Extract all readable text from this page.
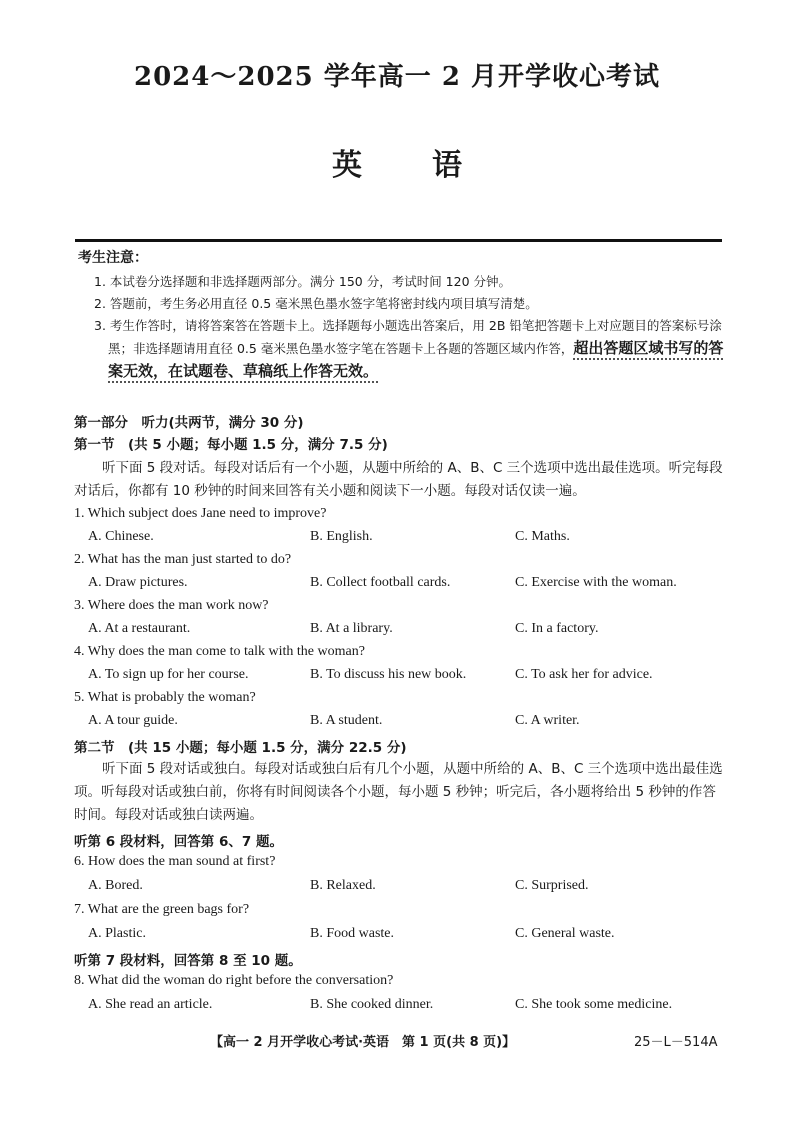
2024～2025 学年高一 2 月开学收心考试
英语

考生注意：

1. 本试卷分选择题和非选择题两部分。满分 150 分，考试时间 120 分钟。

2. 答题前，考生务必用直径 0.5 毫米黑色墨水签字笔将密封线内项目填写清楚。

3. 考生作答时，请将答案答在答题卡上。选择题每小题选出答案后，用 2B 铅笔把答题卡上对应题目的答案标号涂黑；非选择题请用直径 0.5 毫米黑色墨水签字笔在答题卡上各题的答题区域内作答，超出答题区域书写的答案无效，在试题卷、草稿纸上作答无效。

第一部分　听力(共两节，满分 30 分)
第一节　(共 5 小题；每小题 1.5 分，满分 7.5 分)

听下面 5 段对话。每段对话后有一个小题，从题中所给的 A、B、C 三个选项中选出最佳选项。听完每段对话后，你都有 10 秒钟的时间来回答有关小题和阅读下一小题。每段对话仅读一遍。

1. Which subject does Jane need to improve?
A. Chinese.	B. English.	C. Maths.
2. What has the man just started to do?
A. Draw pictures.	B. Collect football cards.	C. Exercise with the woman.
3. Where does the man work now?
A. At a restaurant.	B. At a library.	C. In a factory.
4. Why does the man come to talk with the woman?
A. To sign up for her course.	B. To discuss his new book.	C. To ask her for advice.
5. What is probably the woman?
A. A tour guide.	B. A student.	C. A writer.
第二节　(共 15 小题；每小题 1.5 分，满分 22.5 分)

听下面 5 段对话或独白。每段对话或独白后有几个小题，从题中所给的 A、B、C 三个选项中选出最佳选项。听每段对话或独白前，你将有时间阅读各个小题，每小题 5 秒钟；听完后，各小题将给出 5 秒钟的作答时间。每段对话或独白读两遍。

听第 6 段材料，回答第 6、7 题。
6. How does the man sound at first?
A. Bored.	B. Relaxed.	C. Surprised.
7. What are the green bags for?
A. Plastic.	B. Food waste.	C. General waste.
听第 7 段材料，回答第 8 至 10 题。
8. What did the woman do right before the conversation?
A. She read an article.	B. She cooked dinner.	C. She took some medicine.
【高一 2 月开学收心考试·英语　第 1 页(共 8 页)】	25－L－514A
